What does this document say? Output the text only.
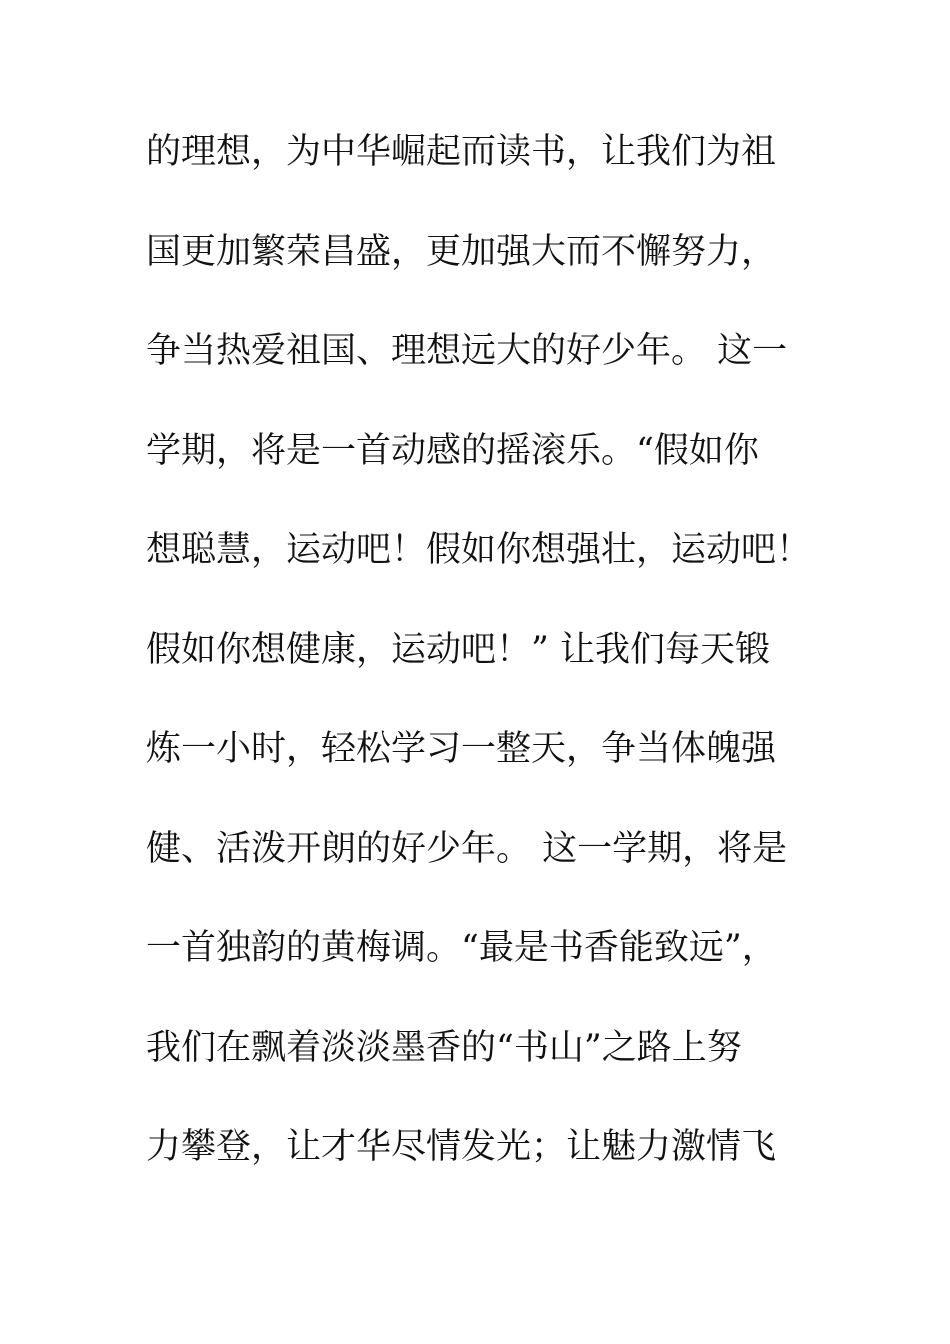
的理想，为中华崛起而读书，让我们为祖
国更加繁荣昌盛，更加强大而不懈努力，
争当热爱祖国、理想远大的好少年。 这一
学期，将是一首动感的摇滚乐。“假如你
想聪慧，运动吧！假如你想强壮，运动吧！
假如你想健康，运动吧！” 让我们每天锻
炼一小时，轻松学习一整天，争当体魄强
健、活泼开朗的好少年。 这一学期，将是
一首独韵的黄梅调。“最是书香能致远”，
我们在飘着淡淡墨香的“书山”之路上努
力攀登，让才华尽情发光；让魅力激情飞
